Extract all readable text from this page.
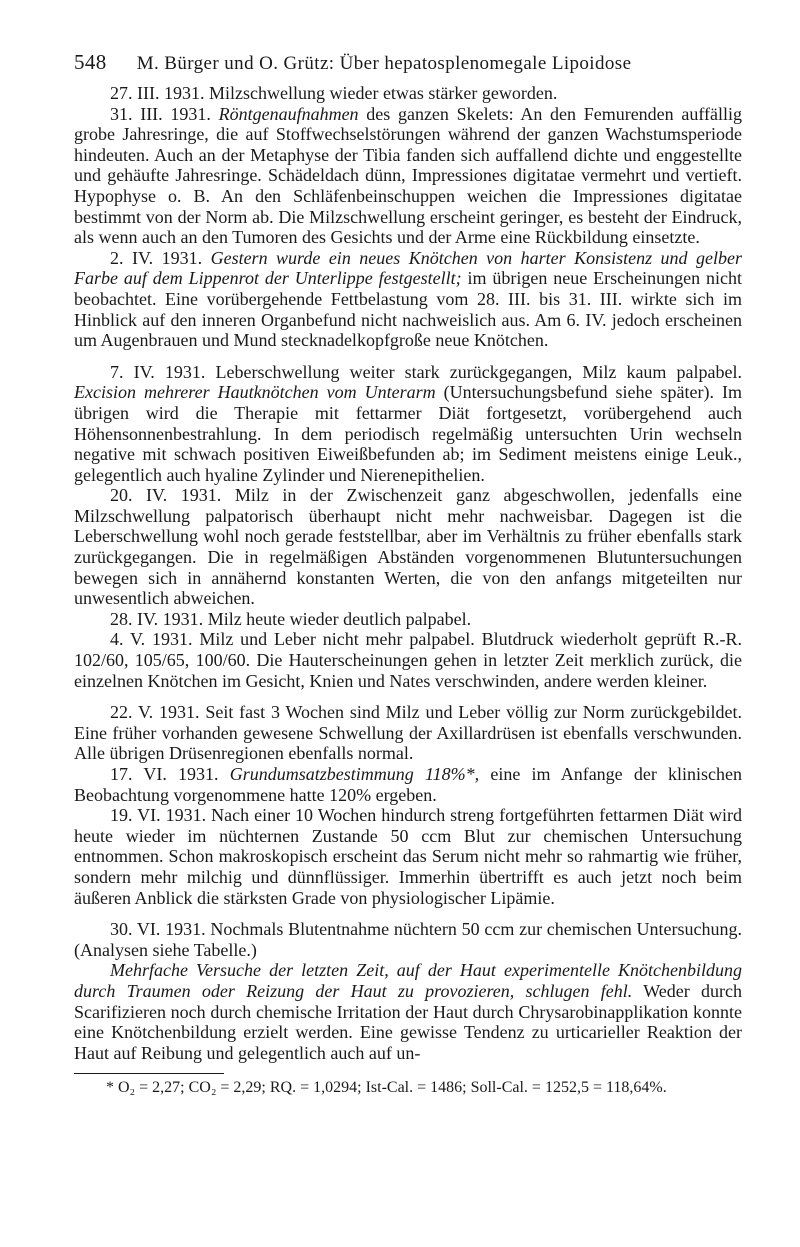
548 M. Bürger und O. Grütz: Über hepatosplenomegale Lipoidose

27. III. 1931. Milzschwellung wieder etwas stärker geworden.

31. III. 1931. Röntgenaufnahmen des ganzen Skelets: An den Femurenden auffällig grobe Jahresringe, die auf Stoffwechselstörungen während der ganzen Wachstumsperiode hindeuten. Auch an der Metaphyse der Tibia fanden sich auffallend dichte und enggestellte und gehäufte Jahresringe. Schädeldach dünn, Impressiones digitatae vermehrt und vertieft. Hypophyse o. B. An den Schläfenbeinschuppen weichen die Impressiones digitatae bestimmt von der Norm ab. Die Milzschwellung erscheint geringer, es besteht der Eindruck, als wenn auch an den Tumoren des Gesichts und der Arme eine Rückbildung einsetzte.

2. IV. 1931. Gestern wurde ein neues Knötchen von harter Konsistenz und gelber Farbe auf dem Lippenrot der Unterlippe festgestellt; im übrigen neue Erscheinungen nicht beobachtet. Eine vorübergehende Fettbelastung vom 28. III. bis 31. III. wirkte sich im Hinblick auf den inneren Organbefund nicht nachweislich aus. Am 6. IV. jedoch erscheinen um Augenbrauen und Mund stecknadelkopfgroße neue Knötchen.

7. IV. 1931. Leberschwellung weiter stark zurückgegangen, Milz kaum palpabel. Excision mehrerer Hautknötchen vom Unterarm (Untersuchungsbefund siehe später). Im übrigen wird die Therapie mit fettarmer Diät fortgesetzt, vorübergehend auch Höhensonnenbestrahlung. In dem periodisch regelmäßig untersuchten Urin wechseln negative mit schwach positiven Eiweißbefunden ab; im Sediment meistens einige Leuk., gelegentlich auch hyaline Zylinder und Nierenepithelien.

20. IV. 1931. Milz in der Zwischenzeit ganz abgeschwollen, jedenfalls eine Milzschwellung palpatorisch überhaupt nicht mehr nachweisbar. Dagegen ist die Leberschwellung wohl noch gerade feststellbar, aber im Verhältnis zu früher ebenfalls stark zurückgegangen. Die in regelmäßigen Abständen vorgenommenen Blutuntersuchungen bewegen sich in annähernd konstanten Werten, die von den anfangs mitgeteilten nur unwesentlich abweichen.

28. IV. 1931. Milz heute wieder deutlich palpabel.

4. V. 1931. Milz und Leber nicht mehr palpabel. Blutdruck wiederholt geprüft R.-R. 102/60, 105/65, 100/60. Die Hauterscheinungen gehen in letzter Zeit merklich zurück, die einzelnen Knötchen im Gesicht, Knien und Nates verschwinden, andere werden kleiner.

22. V. 1931. Seit fast 3 Wochen sind Milz und Leber völlig zur Norm zurückgebildet. Eine früher vorhanden gewesene Schwellung der Axillardrüsen ist ebenfalls verschwunden. Alle übrigen Drüsenregionen ebenfalls normal.

17. VI. 1931. Grundumsatzbestimmung 118%*, eine im Anfange der klinischen Beobachtung vorgenommene hatte 120% ergeben.

19. VI. 1931. Nach einer 10 Wochen hindurch streng fortgeführten fettarmen Diät wird heute wieder im nüchternen Zustande 50 ccm Blut zur chemischen Untersuchung entnommen. Schon makroskopisch erscheint das Serum nicht mehr so rahmartig wie früher, sondern mehr milchig und dünnflüssiger. Immerhin übertrifft es auch jetzt noch beim äußeren Anblick die stärksten Grade von physiologischer Lipämie.

30. VI. 1931. Nochmals Blutentnahme nüchtern 50 ccm zur chemischen Untersuchung. (Analysen siehe Tabelle.)

Mehrfache Versuche der letzten Zeit, auf der Haut experimentelle Knötchenbildung durch Traumen oder Reizung der Haut zu provozieren, schlugen fehl. Weder durch Scarifizieren noch durch chemische Irritation der Haut durch Chrysarobinapplikation konnte eine Knötchenbildung erzielt werden. Eine gewisse Tendenz zu urticarieller Reaktion der Haut auf Reibung und gelegentlich auch auf un-

* O₂ = 2,27; CO₂ = 2,29; RQ. = 1,0294; Ist-Cal. = 1486; Soll-Cal. = 1252,5 = 118,64%.
